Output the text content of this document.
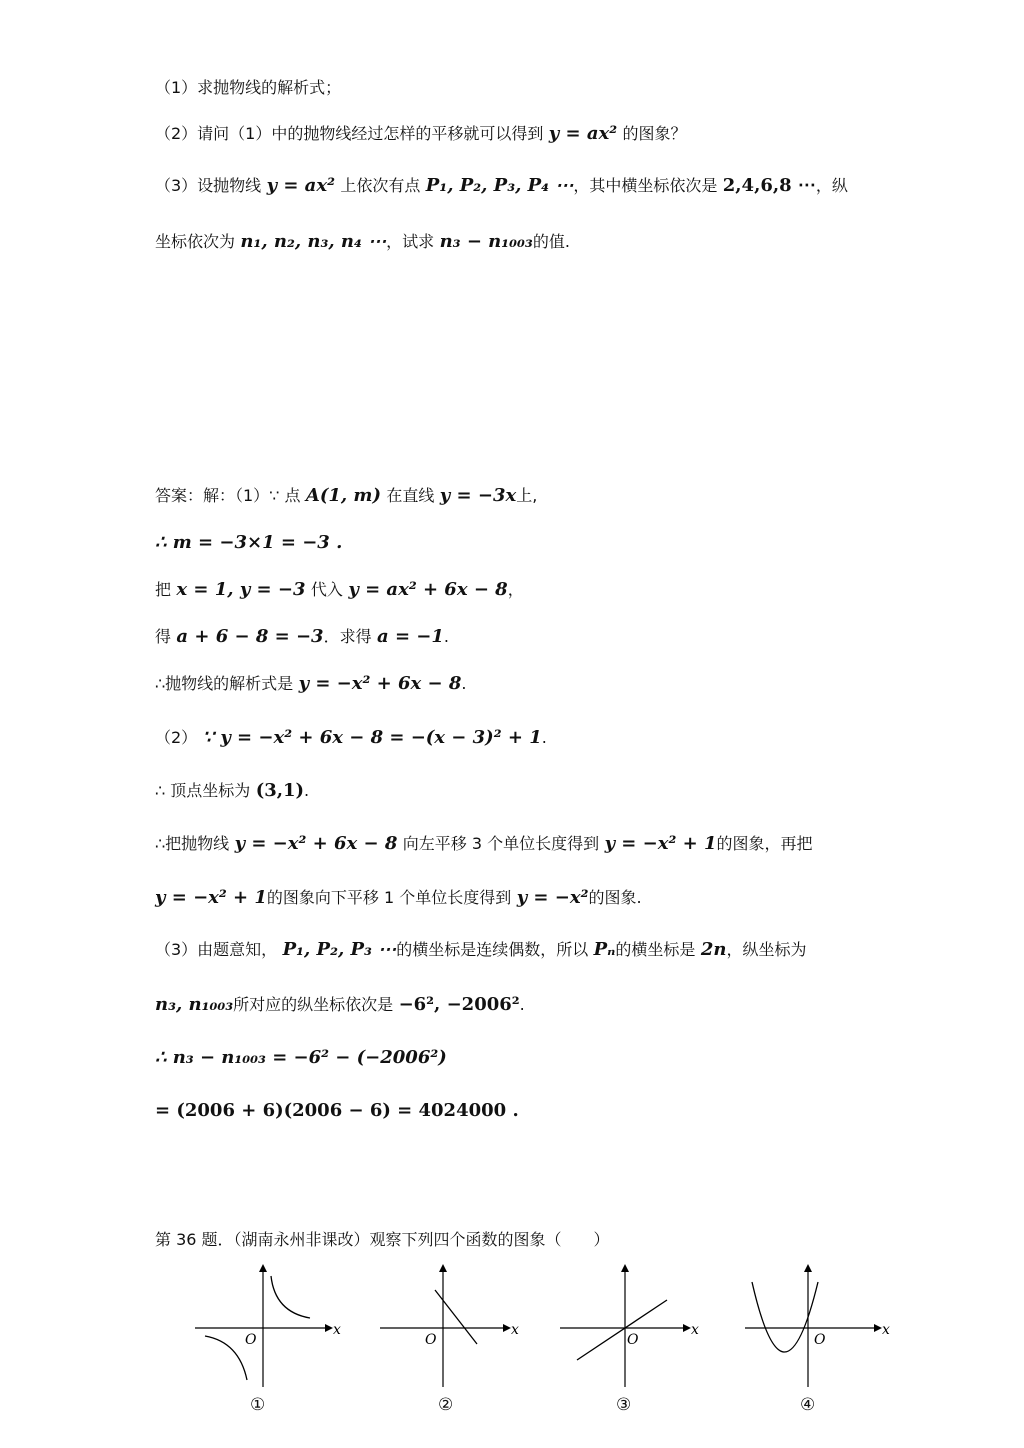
（1）求抛物线的解析式；
（2）请问（1）中的抛物线经过怎样的平移就可以得到 y = ax² 的图象？
（3）设抛物线 y = ax² 上依次有点 P₁, P₂, P₃, P₄ ⋯，其中横坐标依次是 2,4,6,8 ⋯，纵
坐标依次为 n₁, n₂, n₃, n₄ ⋯，试求 n₃ − n₁₀₀₃的值.
答案：解：（1）∵ 点 A(1, m) 在直线 y = −3x上,
∴ m = −3×1 = −3 .
把 x = 1, y = −3 代入 y = ax² + 6x − 8，
得 a + 6 − 8 = −3．求得 a = −1.
∴抛物线的解析式是 y = −x² + 6x − 8.
（2） ∵ y = −x² + 6x − 8 = −(x − 3)² + 1.
∴ 顶点坐标为 (3,1).
∴把抛物线 y = −x² + 6x − 8 向左平移 3 个单位长度得到 y = −x² + 1的图象，再把
y = −x² + 1的图象向下平移 1 个单位长度得到 y = −x²的图象.
（3）由题意知， P₁, P₂, P₃ ⋯的横坐标是连续偶数，所以 Pₙ的横坐标是 2n，纵坐标为
n₃, n₁₀₀₃所对应的纵坐标依次是 −6², −2006².
∴ n₃ − n₁₀₀₃ = −6² − (−2006²)
= (2006 + 6)(2006 − 6) = 4024000 .
第 36 题．（湖南永州非课改）观察下列四个函数的图象（　　）
x
O
x
O
x
O
x
O
①	②	③	④
